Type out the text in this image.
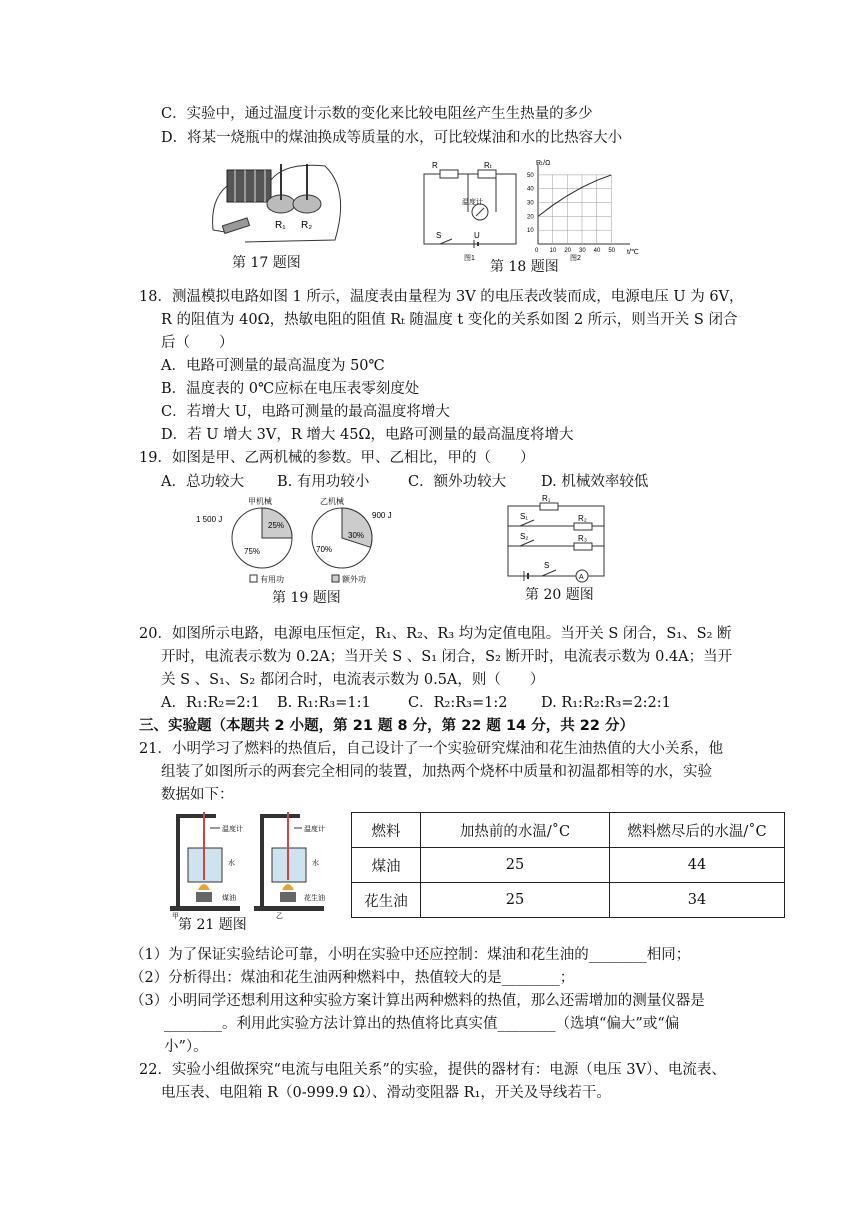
C．实验中，通过温度计示数的变化来比较电阻丝产生生热量的多少
D．将某一烧瓶中的煤油换成等质量的水，可比较煤油和水的比热容大小
R₁ R₂
第 17 题图
R	Rₜ
温度计
S	U
图1
0 10 20 30 40 50
10
20
30
40
50
Rₜ/Ω
t/℃
图2
第 18 题图
18．测温模拟电路如图 1 所示，温度表由量程为 3V 的电压表改装而成，电源电压 U 为 6V，
R 的阻值为 40Ω，热敏电阻的阻值 Rₜ 随温度 t 变化的关系如图 2 所示，则当开关 S 闭合
后（　　）
A．电路可测量的最高温度为 50℃
B．温度表的 0℃应标在电压表零刻度处
C．若增大 U，电路可测量的最高温度将增大
D．若 U 增大 3V，R 增大 45Ω，电路可测量的最高温度将增大
19．如图是甲、乙两机械的参数。甲、乙相比，甲的（　　）
A．总功较大 B. 有用功较小	C．额外功较大 D. 机械效率较低
甲机械
1 500 J
25%
75%
乙机械
900 J
30%
70%
有用功	额外功
第 19 题图
R₁
S₁	R₂
S₂	R₃
S
A
第 20 题图
20．如图所示电路，电源电压恒定，R₁、R₂、R₃ 均为定值电阻。当开关 S 闭合，S₁、S₂ 断
开时，电流表示数为 0.2A；当开关 S 、S₁ 闭合，S₂ 断开时，电流表示数为 0.4A；当开
关 S 、S₁、S₂ 都闭合时，电流表示数为 0.5A，则（　　）
A．R₁:R₂=2:1 B. R₁:R₃=1:1	C．R₂:R₃=1:2 D. R₁:R₂:R₃=2:2:1
三、实验题（本题共 2 小题，第 21 题 8 分，第 22 题 14 分，共 22 分）
21．小明学习了燃料的热值后，自己设计了一个实验研究煤油和花生油热值的大小关系，他
组装了如图所示的两套完全相同的装置，加热两个烧杯中质量和初温都相等的水，实验
数据如下：
温度计
水
煤油
温度计
水
花生油
甲	乙
第 21 题图
燃料	加热前的水温/˚C	燃料燃尽后的水温/˚C
煤油	25	44
花生油	25	34
（1）为了保证实验结论可靠，小明在实验中还应控制：煤油和花生油的________相同；
（2）分析得出：煤油和花生油两种燃料中，热值较大的是________；
（3）小明同学还想利用这种实验方案计算出两种燃料的热值，那么还需增加的测量仪器是
________。利用此实验方法计算出的热值将比真实值________（选填“偏大”或“偏
小”）。
22．实验小组做探究“电流与电阻关系”的实验，提供的器材有：电源（电压 3V）、电流表、
电压表、电阻箱 R（0-999.9 Ω）、滑动变阻器 R₁，开关及导线若干。
